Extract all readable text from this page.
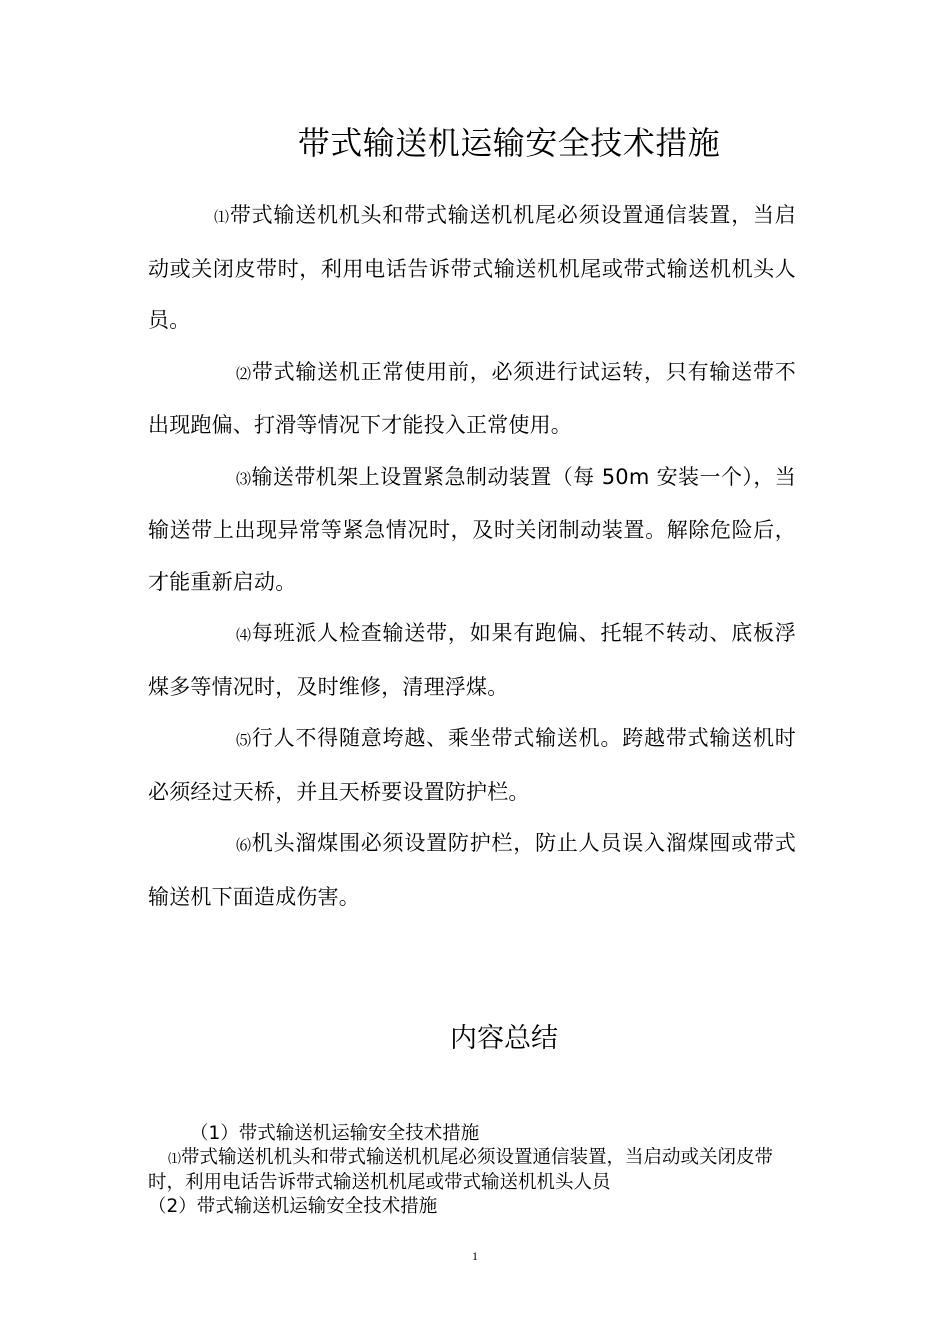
带式输送机运输安全技术措施

⑴带式输送机机头和带式输送机机尾必须设置通信装置，当启动或关闭皮带时，利用电话告诉带式输送机机尾或带式输送机机头人员。

⑵带式输送机正常使用前，必须进行试运转，只有输送带不出现跑偏、打滑等情况下才能投入正常使用。

⑶输送带机架上设置紧急制动装置（每 50m 安装一个），当输送带上出现异常等紧急情况时，及时关闭制动装置。解除危险后，才能重新启动。

⑷每班派人检查输送带，如果有跑偏、托辊不转动、底板浮煤多等情况时，及时维修，清理浮煤。

⑸行人不得随意垮越、乘坐带式输送机。跨越带式输送机时必须经过天桥，并且天桥要设置防护栏。

⑹机头溜煤围必须设置防护栏，防止人员误入溜煤囤或带式输送机下面造成伤害。

内容总结

（1）带式输送机运输安全技术措施

⑴带式输送机机头和带式输送机机尾必须设置通信装置，当启动或关闭皮带时，利用电话告诉带式输送机机尾或带式输送机机头人员

（2）带式输送机运输安全技术措施

1
